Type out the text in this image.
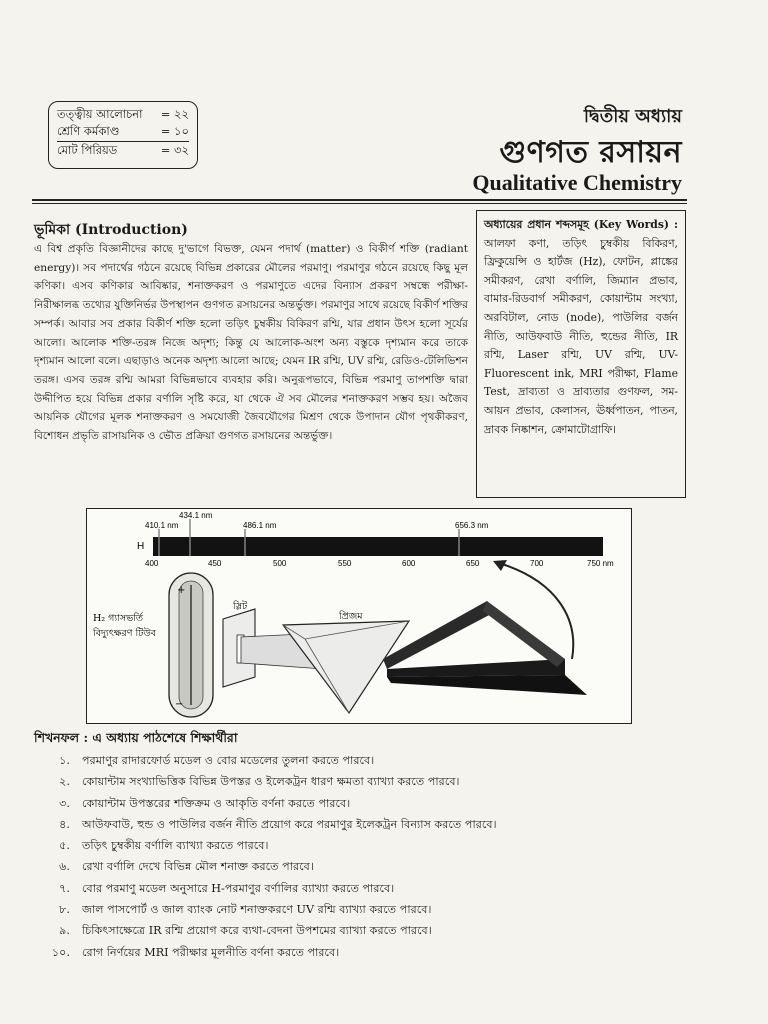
তত্ত্বীয় আলোচনা = ২২
শ্রেণি কর্মকাণ্ড	= ১০
মোট পিরিয়ড	= ৩২
দ্বিতীয় অধ্যায়
গুণগত রসায়ন
Qualitative Chemistry
ভূমিকা (Introduction)
এ বিশ্ব প্রকৃতি বিজ্ঞানীদের কাছে দু'ভাগে বিভক্ত, যেমন পদার্থ (matter) ও বিকীর্ণ শক্তি (radiant energy)। সব পদার্থের গঠনে রয়েছে বিভিন্ন প্রকারের মৌলের পরমাণু। পরমাণুর গঠনে রয়েছে কিছু মূল কণিকা। এসব কণিকার আবিষ্কার, শনাক্তকরণ ও পরমাণুতে এদের বিন্যাস প্রকরণ সম্বন্ধে পরীক্ষা-নিরীক্ষালব্ধ তথ্যের যুক্তিনির্ভর উপস্থাপন গুণগত রসায়নের অন্তর্ভুক্ত। পরমাণুর সাথে রয়েছে বিকীর্ণ শক্তির সম্পর্ক। আবার সব প্রকার বিকীর্ণ শক্তি হলো তড়িৎ চুম্বকীয় বিকিরণ রশ্মি, যার প্রধান উৎস হলো সূর্যের আলো। আলোক শক্তি-তরঙ্গ নিজে অদৃশ্য; কিন্তু যে আলোক-অংশ অন্য বস্তুকে দৃশ্যমান করে তাকে দৃশ্যমান আলো বলে। এছাড়াও অনেক অদৃশ্য আলো আছে; যেমন IR রশ্মি, UV রশ্মি, রেডিও-টেলিভিশন তরঙ্গ। এসব তরঙ্গ রশ্মি আমরা বিভিন্নভাবে ব্যবহার করি। অনুরূপভাবে, বিভিন্ন পরমাণু তাপশক্তি দ্বারা উদ্দীপিত হয়ে বিভিন্ন প্রকার বর্ণালি সৃষ্টি করে, যা থেকে ঐ সব মৌলের শনাক্তকরণ সম্ভব হয়। অজৈব আয়নিক যৌগের মূলক শনাক্তকরণ ও সমযোজী জৈবযৌগের মিশ্রণ থেকে উপাদান যৌগ পৃথকীকরণ, বিশোধন প্রভৃতি রাসায়নিক ও ভৌত প্রক্রিয়া গুণগত রসায়নের অন্তর্ভুক্ত।
অধ্যায়ের প্রধান শব্দসমূহ (Key Words) : আলফা কণা, তড়িৎ চুম্বকীয় বিকিরণ, ফ্রিকুয়েন্সি ও হার্টজ (Hz), ফোটন, প্লাঙ্কের সমীকরণ, রেখা বর্ণালি, জিম্যান প্রভাব, বামার-রিডবার্গ সমীকরণ, কোয়ান্টাম সংখ্যা, অরবিটাল, নোড (node), পাউলির বর্জন নীতি, আউফবাউ নীতি, হুন্ডের নীতি, IR রশ্মি, Laser রশ্মি, UV রশ্মি, UV-Fluorescent ink, MRI পরীক্ষা, Flame Test, দ্রাব্যতা ও দ্রাব্যতার গুণফল, সম-আয়ন প্রভাব, কেলাসন, ঊর্ধ্বপাতন, পাতন, দ্রাবক নিষ্কাশন, ক্রোমাটোগ্রাফি।
434.1 nm
410.1 nm	486.1 nm	656.3 nm
H
400	450	500	550	600	650	700	750 nm
H₂ গ্যাসভর্তি
বিদ্যুৎক্ষরণ টিউব
+
−
স্লিট
প্রিজম
শিখনফল : এ অধ্যায় পাঠশেষে শিক্ষার্থীরা
১. পরমাণুর রাদারফোর্ড মডেল ও বোর মডেলের তুলনা করতে পারবে।
২. কোয়ান্টাম সংখ্যাভিত্তিক বিভিন্ন উপস্তর ও ইলেকট্রন ধারণ ক্ষমতা ব্যাখ্যা করতে পারবে।
৩. কোয়ান্টাম উপস্তরের শক্তিক্রম ও আকৃতি বর্ণনা করতে পারবে।
৪. আউফবাউ, হুন্ড ও পাউলির বর্জন নীতি প্রয়োগ করে পরমাণুর ইলেকট্রন বিন্যাস করতে পারবে।
৫. তড়িৎ চুম্বকীয় বর্ণালি ব্যাখ্যা করতে পারবে।
৬. রেখা বর্ণালি দেখে বিভিন্ন মৌল শনাক্ত করতে পারবে।
৭. বোর পরমাণু মডেল অনুসারে H-পরমাণুর বর্ণালির ব্যাখ্যা করতে পারবে।
৮. জাল পাসপোর্ট ও জাল ব্যাংক নোট শনাক্তকরণে UV রশ্মি ব্যাখ্যা করতে পারবে।
৯. চিকিৎসাক্ষেত্রে IR রশ্মি প্রয়োগ করে ব্যথা-বেদনা উপশমের ব্যাখ্যা করতে পারবে।
১০. রোগ নির্ণয়ের MRI পরীক্ষার মূলনীতি বর্ণনা করতে পারবে।
